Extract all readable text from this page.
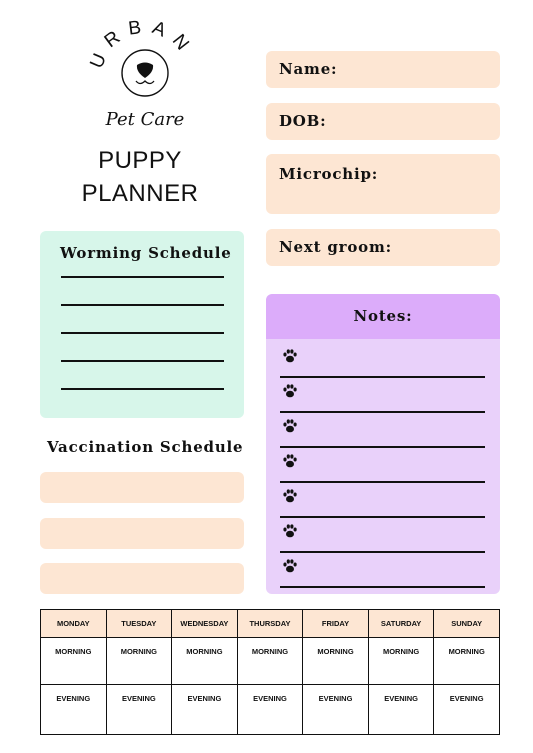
URBAN
Pet Care
PUPPY
PLANNER
Name:
DOB:
Microchip:
Next groom:
Worming Schedule
Vaccination Schedule
Notes:
MONDAY	TUESDAY	WEDNESDAY	THURSDAY	FRIDAY	SATURDAY	SUNDAY

MORNING	MORNING	MORNING	MORNING	MORNING	MORNING	MORNING

EVENING	EVENING	EVENING	EVENING	EVENING	EVENING	EVENING
